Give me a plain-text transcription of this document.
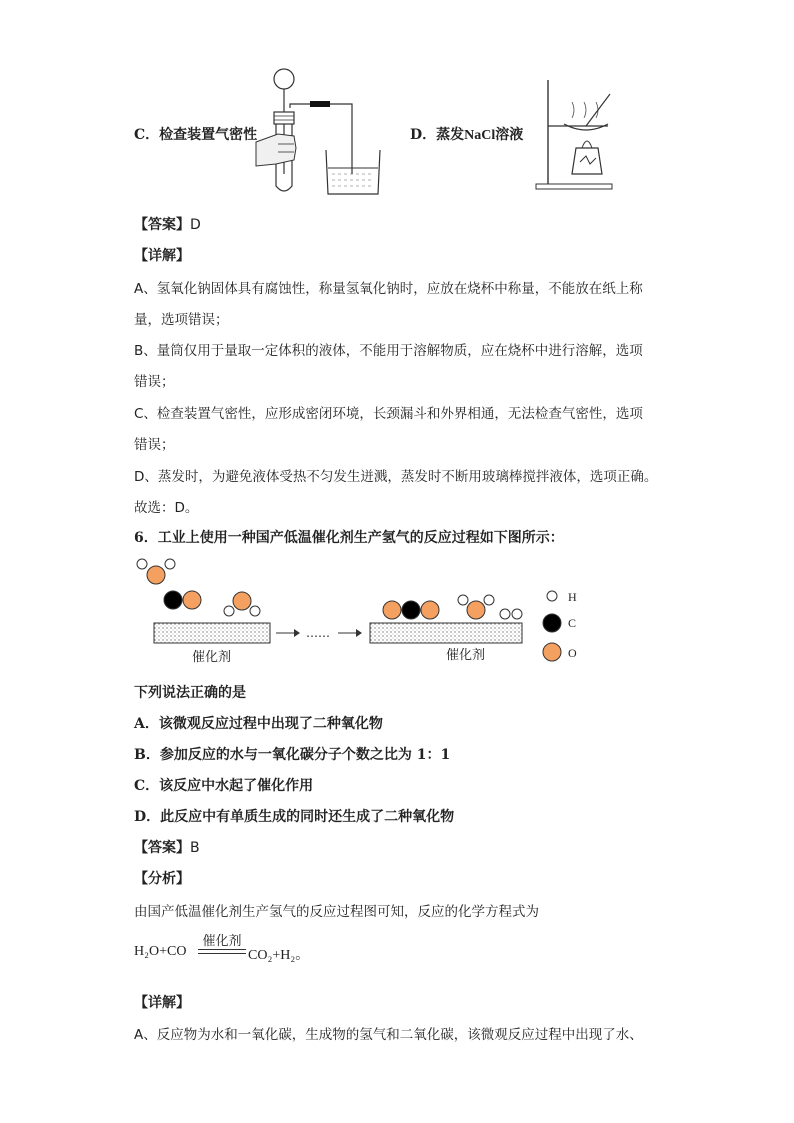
C．检查装置气密性	D．蒸发NaCl溶液
【答案】D
【详解】
A、氢氧化钠固体具有腐蚀性，称量氢氧化钠时，应放在烧杯中称量，不能放在纸上称
量，选项错误；
B、量筒仅用于量取一定体积的液体，不能用于溶解物质，应在烧杯中进行溶解，选项
错误；
C、检查装置气密性，应形成密闭环境，长颈漏斗和外界相通，无法检查气密性，选项
错误；
D、蒸发时，为避免液体受热不匀发生迸溅，蒸发时不断用玻璃棒搅拌液体，选项正确。
故选：D。
6．工业上使用一种国产低温催化剂生产氢气的反应过程如下图所示：
催化剂
……
催化剂
H
C
O
下列说法正确的是
A．该微观反应过程中出现了二种氧化物
B．参加反应的水与一氧化碳分子个数之比为 1：1
C．该反应中水起了催化作用
D．此反应中有单质生成的同时还生成了二种氧化物
【答案】B
【分析】
由国产低温催化剂生产氢气的反应过程图可知，反应的化学方程式为
H₂O+CO
催化剂
CO₂+H₂。
【详解】
A、反应物为水和一氧化碳，生成物的氢气和二氧化碳，该微观反应过程中出现了水、
